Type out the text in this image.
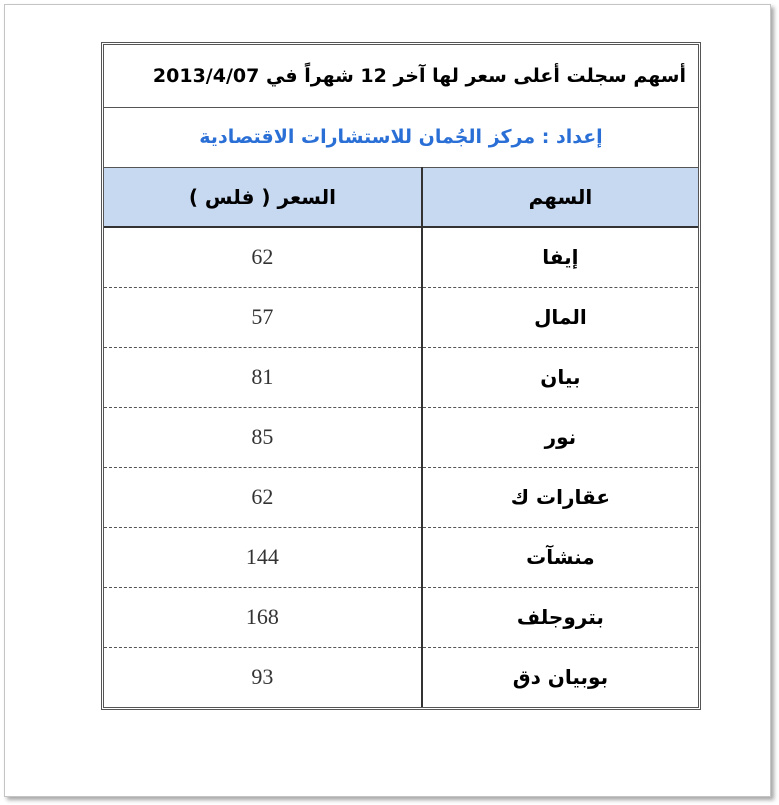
أسهم سجلت أعلى سعر لها آخر 12 شهراً في 2013/4/07	
إعداد : مركز الجُمان للاستشارات الاقتصادية	
السهم	السعر ( فلس )
إيفا	62
المال	57
بيان	81
نور	85
عقارات ك	62
منشآت	144
بتروجلف	168
بوبيان دق	93
